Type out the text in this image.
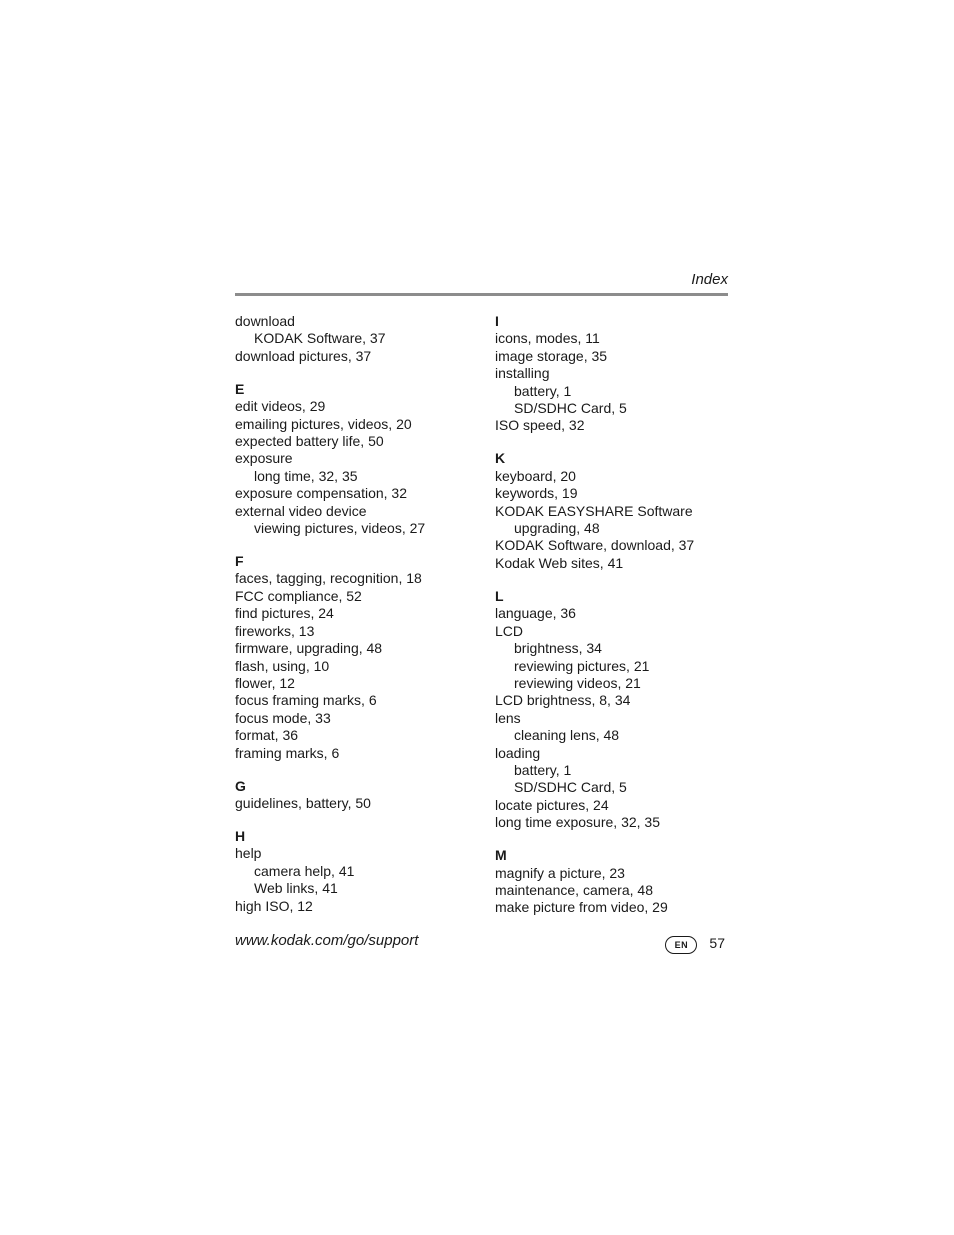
Index
download
KODAK Software, 37
download pictures, 37
E
edit videos, 29
emailing pictures, videos, 20
expected battery life, 50
exposure
long time, 32, 35
exposure compensation, 32
external video device
viewing pictures, videos, 27
F
faces, tagging, recognition, 18
FCC compliance, 52
find pictures, 24
fireworks, 13
firmware, upgrading, 48
flash, using, 10
flower, 12
focus framing marks, 6
focus mode, 33
format, 36
framing marks, 6
G
guidelines, battery, 50
H
help
camera help, 41
Web links, 41
high ISO, 12
I
icons, modes, 11
image storage, 35
installing
battery, 1
SD/SDHC Card, 5
ISO speed, 32
K
keyboard, 20
keywords, 19
KODAK EASYSHARE Software
upgrading, 48
KODAK Software, download, 37
Kodak Web sites, 41
L
language, 36
LCD
brightness, 34
reviewing pictures, 21
reviewing videos, 21
LCD brightness, 8, 34
lens
cleaning lens, 48
loading
battery, 1
SD/SDHC Card, 5
locate pictures, 24
long time exposure, 32, 35
M
magnify a picture, 23
maintenance, camera, 48
make picture from video, 29
www.kodak.com/go/support	EN	57
